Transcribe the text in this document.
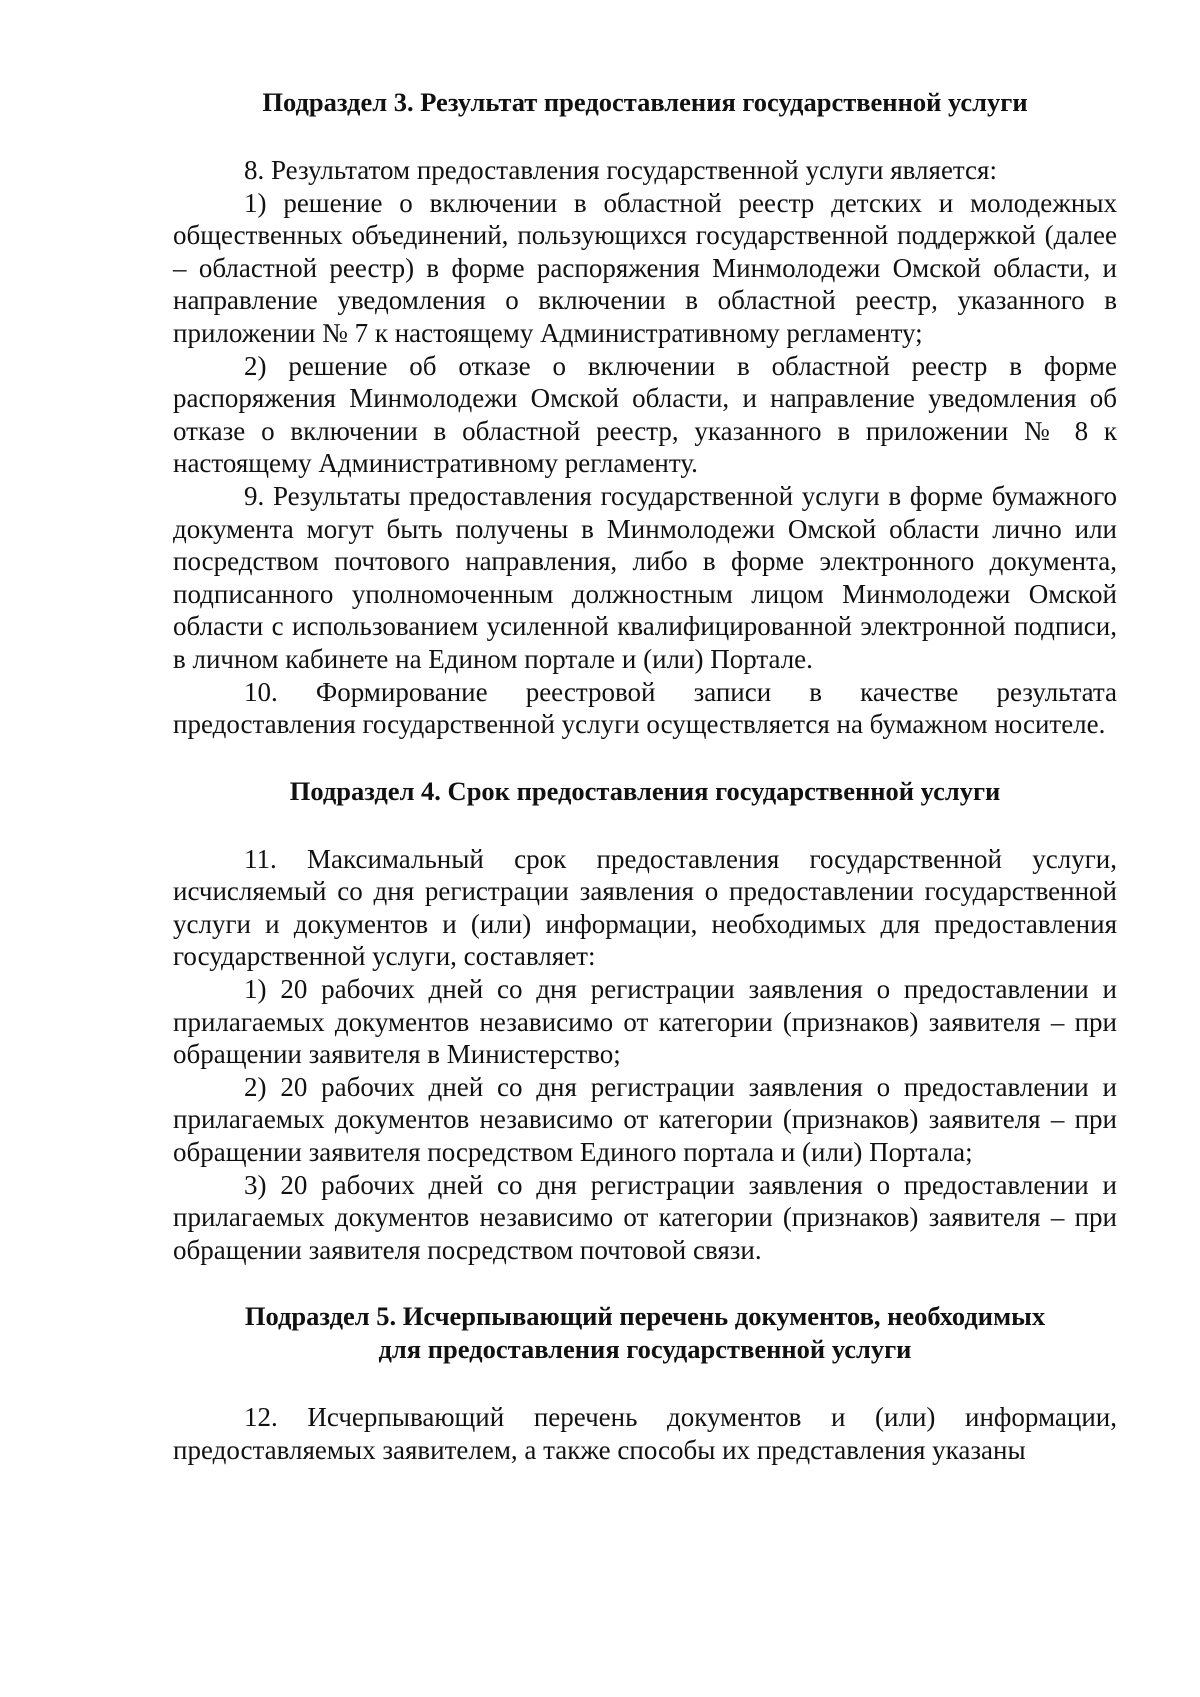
Подраздел 3. Результат предоставления государственной услуги

8. Результатом предоставления государственной услуги является:

1) решение о включении в областной реестр детских и молодежных общественных объединений, пользующихся государственной поддержкой (далее – областной реестр) в форме распоряжения Минмолодежи Омской области, и направление уведомления о включении в областной реестр, указанного в приложении № 7 к настоящему Административному регламенту;

2) решение об отказе о включении в областной реестр в форме распоряжения Минмолодежи Омской области, и направление уведомления об отказе о включении в областной реестр, указанного в приложении № 8 к настоящему Административному регламенту.

9. Результаты предоставления государственной услуги в форме бумажного документа могут быть получены в Минмолодежи Омской области лично или посредством почтового направления, либо в форме электронного документа, подписанного уполномоченным должностным лицом Минмолодежи Омской области с использованием усиленной квалифицированной электронной подписи, в личном кабинете на Едином портале и (или) Портале.

10. Формирование реестровой записи в качестве результата предоставления государственной услуги осуществляется на бумажном носителе.

Подраздел 4. Срок предоставления государственной услуги

11. Максимальный срок предоставления государственной услуги, исчисляемый со дня регистрации заявления о предоставлении государственной услуги и документов и (или) информации, необходимых для предоставления государственной услуги, составляет:

1) 20 рабочих дней со дня регистрации заявления о предоставлении и прилагаемых документов независимо от категории (признаков) заявителя – при обращении заявителя в Министерство;

2) 20 рабочих дней со дня регистрации заявления о предоставлении и прилагаемых документов независимо от категории (признаков) заявителя – при обращении заявителя посредством Единого портала и (или) Портала;

3) 20 рабочих дней со дня регистрации заявления о предоставлении и прилагаемых документов независимо от категории (признаков) заявителя – при обращении заявителя посредством почтовой связи.

Подраздел 5. Исчерпывающий перечень документов, необходимых
для предоставления государственной услуги

12. Исчерпывающий перечень документов и (или) информации, предоставляемых заявителем, а также способы их представления указаны
